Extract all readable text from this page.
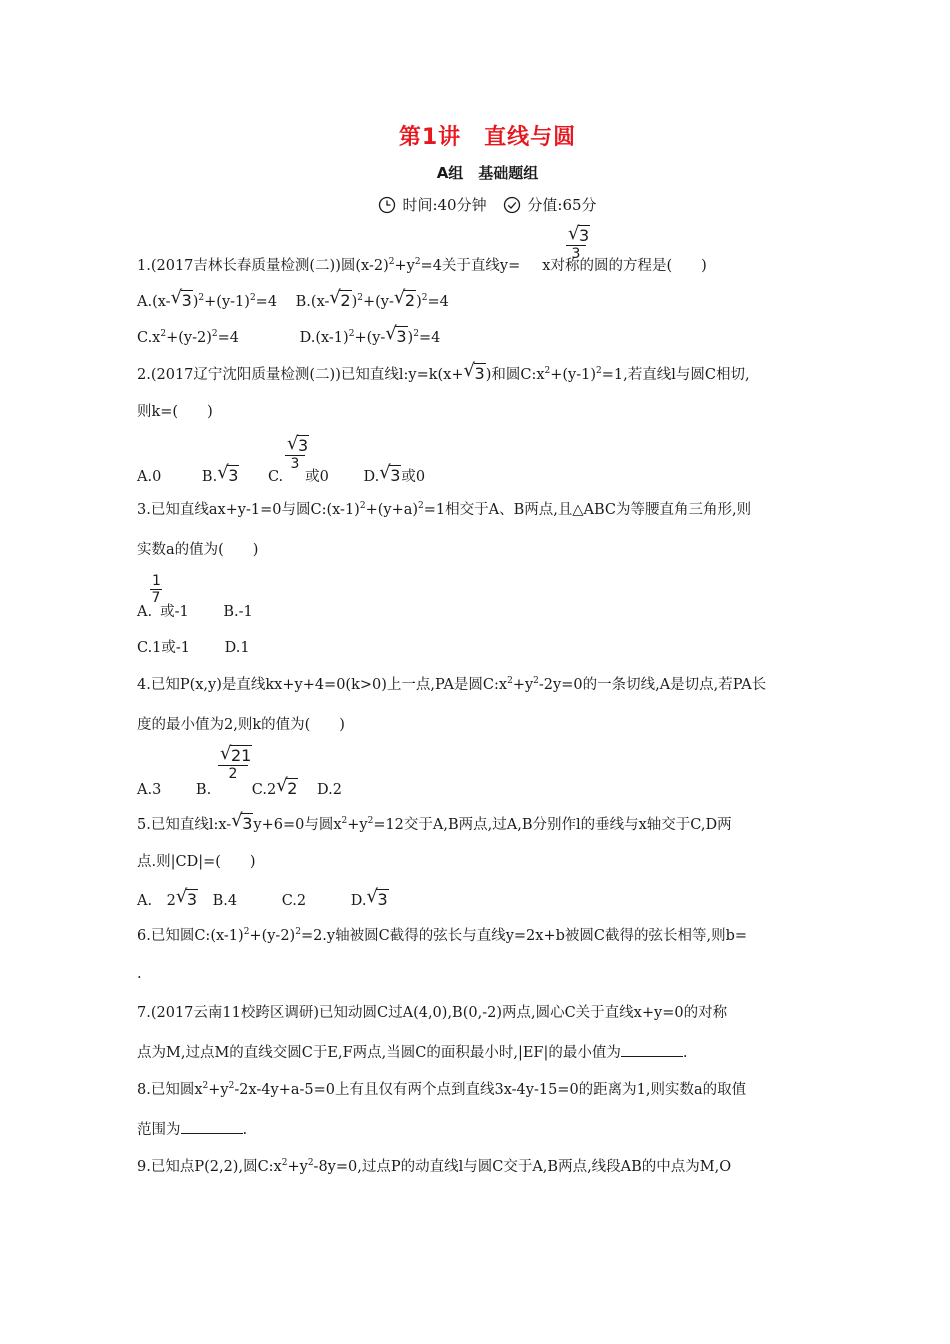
第1讲　直线与圆
A组　基础题组
时间:40分钟
	分值:65分
√ 3
3
1.(2017吉林长春质量检测(二))圆$(x-2)^2+y^2=4$关于直线y= x对称的圆的方程是(　　)
A.(x-√ $3)^2+(y-1)^2=4$ B.(x-√ 2)$^2$+(y-√ 2)$^2$=4
$C.x^2+(y-2)^2=4$	$D.(x-1)^2+(y-√$ 3)$^2$=4
2.(2017辽宁沈阳质量检测(二))已知直线l:y=k(x+√ 3)和圆$C:x^2+(y-1)^2=1$,若直线l与圆C相切,
则k=(　　)
√ 3
3
A.0	B.√ 3 C. 或0 D.√ 3或0
3.已知直线ax+y-1=0与圆$C:(x-1)^2+(y+a)^2=1$相交于A、B两点,且△ABC为等腰直角三角形,则
实数a的值为(　　)
1
7
A. 或-1 B.-1
C.1或-1 D.1
4.已知P(x,y)是直线kx+y+4=0(k>0)上一点,PA是圆$C:x^2+y^2-2y=0$的一条切线,A是切点,若PA长
度的最小值为2,则k的值为(　　)
√ 21
2
A.3 B.	C.2√ 2 D.2
5.已知直线l:x-√ 3y+6=0与圆$x^2+y^2=12$交于A,B两点,过A,B分别作l的垂线与x轴交于C,D两
点.则|CD|=(　　)
A.　2√ 3 B.4	C.2	D.√ 3
6.已知圆$C:(x-1)^2+(y-2)^2=2.y$轴被圆C截得的弦长与直线y=2x+b被圆C截得的弦长相等,则b=
.
7.(2017云南11校跨区调研)已知动圆C过A(4,0),B(0,-2)两点,圆心C关于直线x+y=0的对称
点为M,过点M的直线交圆C于E,F两点,当圆C的面积最小时,|EF|的最小值为	.
8.已知圆$x^2+y^2-2x-4y+a-5=0$上有且仅有两个点到直线3x-4y-15=0的距离为1,则实数a的取值
范围为	.
9.已知点P(2,2),圆$C:x^2+y^2-8y=0$,过点P的动直线l与圆C交于A,B两点,线段AB的中点为M,O
